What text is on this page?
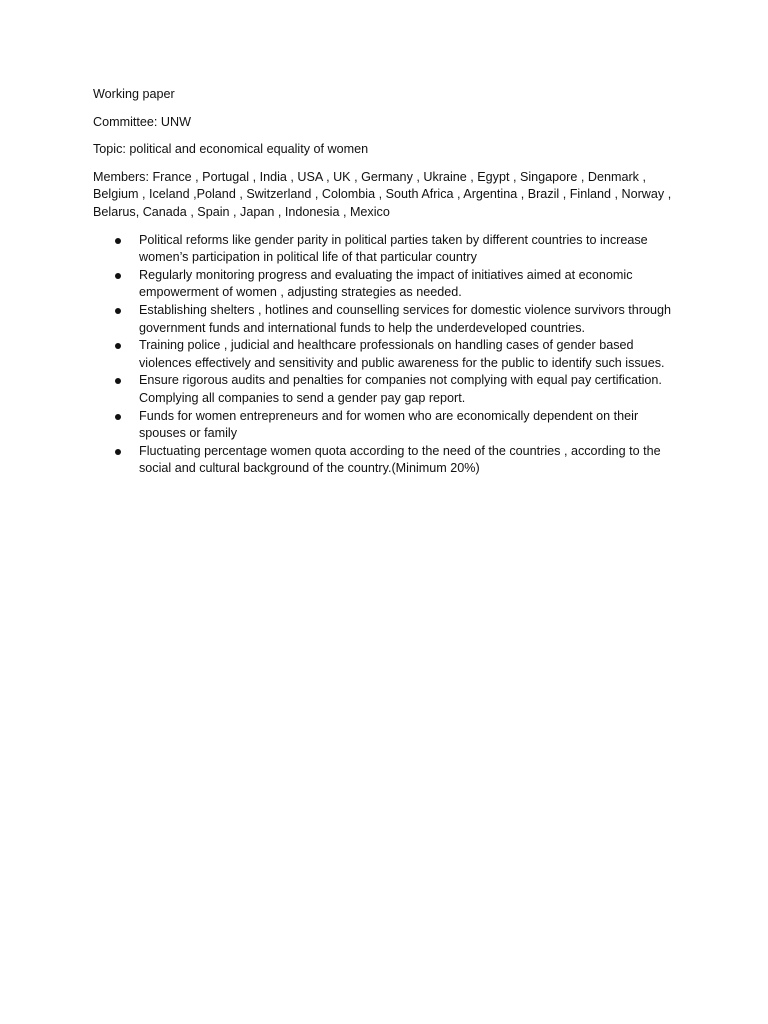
Working paper

Committee: UNW

Topic: political and economical equality of women

Members: France , Portugal , India , USA , UK , Germany , Ukraine , Egypt , Singapore , Denmark , Belgium , Iceland ,Poland , Switzerland , Colombia , South Africa , Argentina , Brazil , Finland , Norway , Belarus, Canada , Spain , Japan , Indonesia , Mexico

Political reforms like gender parity in political parties taken by different countries to increase women’s participation in political life of that particular country
Regularly monitoring progress and evaluating the impact of initiatives aimed at economic empowerment of women , adjusting strategies as needed.
Establishing shelters , hotlines and counselling services for domestic violence survivors through government funds and international funds to help the underdeveloped countries.
Training police , judicial and healthcare professionals on handling cases of gender based violences effectively and sensitivity and public awareness for the public to identify such issues.
Ensure rigorous audits and penalties for companies not complying with equal pay certification. Complying all companies to send a gender pay gap report.
Funds for women entrepreneurs and for women who are economically dependent on their spouses or family
Fluctuating percentage women quota according to the need of the countries , according to the social and cultural background of the country.(Minimum 20%)
